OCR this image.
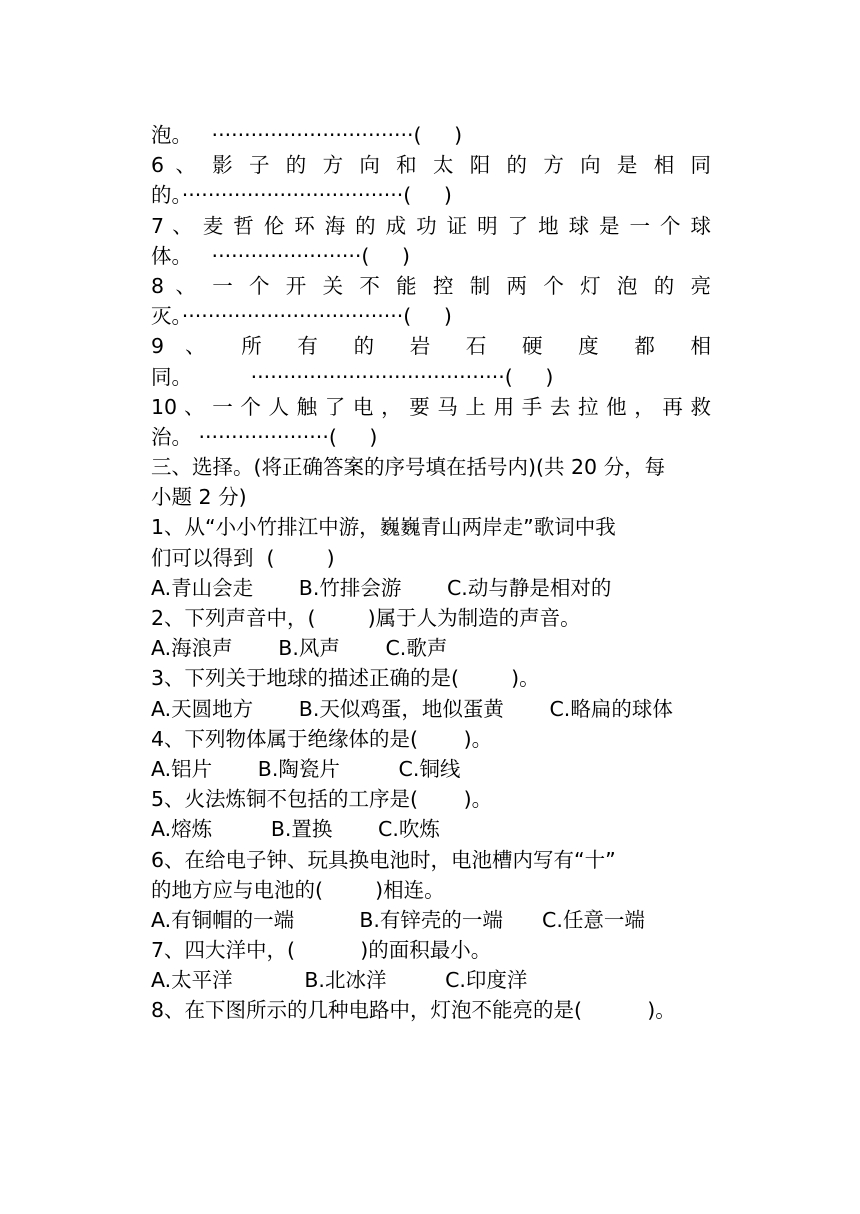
泡。   ·······························(     )
6 、 影 子 的 方 向 和 太 阳 的 方 向 是 相 同
的。··································(     )
7 、 麦 哲 伦 环 海 的 成 功 证 明 了 地 球 是 一 个 球
体。   ·······················(     )
8 、 一 个 开 关 不 能 控 制 两 个 灯 泡 的 亮
灭。··································(     )
9 、 所 有 的 岩 石 硬 度 都 相
同。         ·······································(     )
10 、 一 个 人 触 了 电 ， 要 马 上 用 手 去 拉 他 ， 再 救
治。 ····················(     )
三、选择。(将正确答案的序号填在括号内)(共 20 分，每
小题 2 分)
1、从“小小竹排江中游，巍巍青山两岸走”歌词中我
们可以得到  (        )
A.青山会走       B.竹排会游       C.动与静是相对的
2、下列声音中，(        )属于人为制造的声音。
A.海浪声       B.风声       C.歌声
3、下列关于地球的描述正确的是(        )。
A.天圆地方       B.天似鸡蛋，地似蛋黄       C.略扁的球体
4、下列物体属于绝缘体的是(       )。
A.铝片       B.陶瓷片         C.铜线
5、火法炼铜不包括的工序是(       )。
A.熔炼         B.置换       C.吹炼
6、在给电子钟、玩具换电池时，电池槽内写有“十”
的地方应与电池的(        )相连。
A.有铜帽的一端          B.有锌壳的一端      C.任意一端
7、四大洋中，(          )的面积最小。
A.太平洋           B.北冰洋         C.印度洋
8、在下图所示的几种电路中，灯泡不能亮的是(          )。
